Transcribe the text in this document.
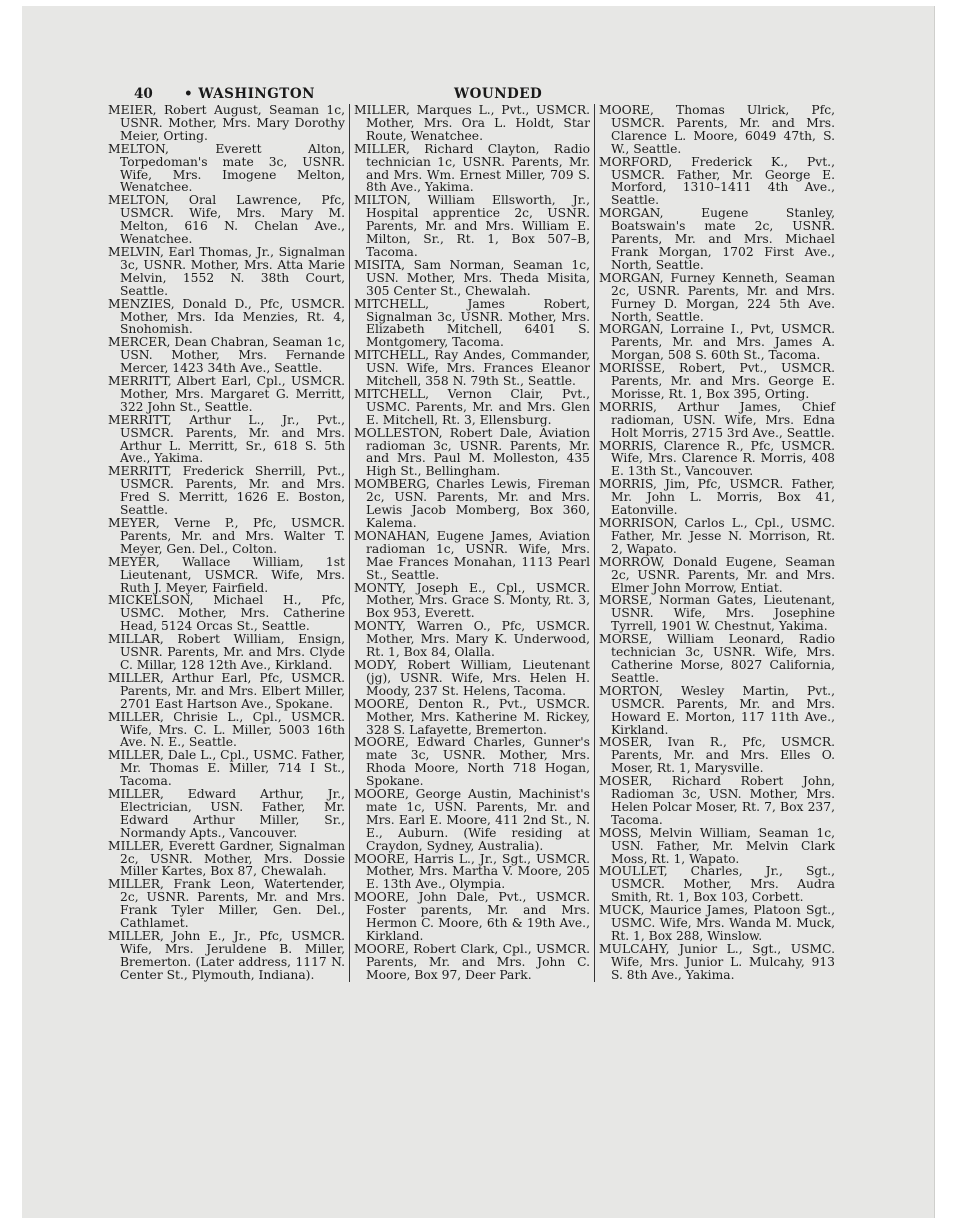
40 • WASHINGTON	WOUNDED

MEIER, Robert August, Seaman 1c, USNR. Mother, Mrs. Mary Dorothy Meier, Orting.

MELTON, Everett Alton, Torpedoman's mate 3c, USNR. Wife, Mrs. Imogene Melton, Wenatchee.

MELTON, Oral Lawrence, Pfc, USMCR. Wife, Mrs. Mary M. Melton, 616 N. Chelan Ave., Wenatchee.

MELVIN, Earl Thomas, Jr., Signalman 3c, USNR. Mother, Mrs. Atta Marie Melvin, 1552 N. 38th Court, Seattle.

MENZIES, Donald D., Pfc, USMCR. Mother, Mrs. Ida Menzies, Rt. 4, Snohomish.

MERCER, Dean Chabran, Seaman 1c, USN. Mother, Mrs. Fernande Mercer, 1423 34th Ave., Seattle.

MERRITT, Albert Earl, Cpl., USMCR. Mother, Mrs. Margaret G. Merritt, 322 John St., Seattle.

MERRITT, Arthur L., Jr., Pvt., USMCR. Parents, Mr. and Mrs. Arthur L. Merritt, Sr., 618 S. 5th Ave., Yakima.

MERRITT, Frederick Sherrill, Pvt., USMCR. Parents, Mr. and Mrs. Fred S. Merritt, 1626 E. Boston, Seattle.

MEYER, Verne P., Pfc, USMCR. Parents, Mr. and Mrs. Walter T. Meyer, Gen. Del., Colton.

MEYER, Wallace William, 1st Lieutenant, USMCR. Wife, Mrs. Ruth J. Meyer, Fairfield.

MICKELSON, Michael H., Pfc, USMC. Mother, Mrs. Catherine Head, 5124 Orcas St., Seattle.

MILLAR, Robert William, Ensign, USNR. Parents, Mr. and Mrs. Clyde C. Millar, 128 12th Ave., Kirkland.

MILLER, Arthur Earl, Pfc, USMCR. Parents, Mr. and Mrs. Elbert Miller, 2701 East Hartson Ave., Spokane.

MILLER, Chrisie L., Cpl., USMCR. Wife, Mrs. C. L. Miller, 5003 16th Ave. N. E., Seattle.

MILLER, Dale L., Cpl., USMC. Father, Mr. Thomas E. Miller, 714 I St., Tacoma.

MILLER, Edward Arthur, Jr., Electrician, USN. Father, Mr. Edward Arthur Miller, Sr., Normandy Apts., Vancouver.

MILLER, Everett Gardner, Signalman 2c, USNR. Mother, Mrs. Dossie Miller Kartes, Box 87, Chewalah.

MILLER, Frank Leon, Watertender, 2c, USNR. Parents, Mr. and Mrs. Frank Tyler Miller, Gen. Del., Cathlamet.

MILLER, John E., Jr., Pfc, USMCR. Wife, Mrs. Jeruldene B. Miller, Bremerton. (Later address, 1117 N. Center St., Plymouth, Indiana).

MILLER, Marques L., Pvt., USMCR. Mother, Mrs. Ora L. Holdt, Star Route, Wenatchee.

MILLER, Richard Clayton, Radio technician 1c, USNR. Parents, Mr. and Mrs. Wm. Ernest Miller, 709 S. 8th Ave., Yakima.

MILTON, William Ellsworth, Jr., Hospital apprentice 2c, USNR. Parents, Mr. and Mrs. William E. Milton, Sr., Rt. 1, Box 507–B, Tacoma.

MISITA, Sam Norman, Seaman 1c, USN. Mother, Mrs. Theda Misita, 305 Center St., Chewalah.

MITCHELL, James Robert, Signalman 3c, USNR. Mother, Mrs. Elizabeth Mitchell, 6401 S. Montgomery, Tacoma.

MITCHELL, Ray Andes, Commander, USN. Wife, Mrs. Frances Eleanor Mitchell, 358 N. 79th St., Seattle.

MITCHELL, Vernon Clair, Pvt., USMC. Parents, Mr. and Mrs. Glen E. Mitchell, Rt. 3, Ellensburg.

MOLLESTON, Robert Dale, Aviation radioman 3c, USNR. Parents, Mr. and Mrs. Paul M. Molleston, 435 High St., Bellingham.

MOMBERG, Charles Lewis, Fireman 2c, USN. Parents, Mr. and Mrs. Lewis Jacob Momberg, Box 360, Kalema.

MONAHAN, Eugene James, Aviation radioman 1c, USNR. Wife, Mrs. Mae Frances Monahan, 1113 Pearl St., Seattle.

MONTY, Joseph E., Cpl., USMCR. Mother, Mrs. Grace S. Monty, Rt. 3, Box 953, Everett.

MONTY, Warren O., Pfc, USMCR. Mother, Mrs. Mary K. Underwood, Rt. 1, Box 84, Olalla.

MODY, Robert William, Lieutenant (jg), USNR. Wife, Mrs. Helen H. Moody, 237 St. Helens, Tacoma.

MOORE, Denton R., Pvt., USMCR. Mother, Mrs. Katherine M. Rickey, 328 S. Lafayette, Bremerton.

MOORE, Edward Charles, Gunner's mate 3c, USNR. Mother, Mrs. Rhoda Moore, North 718 Hogan, Spokane.

MOORE, George Austin, Machinist's mate 1c, USN. Parents, Mr. and Mrs. Earl E. Moore, 411 2nd St., N. E., Auburn. (Wife residing at Craydon, Sydney, Australia).

MOORE, Harris L., Jr., Sgt., USMCR. Mother, Mrs. Martha V. Moore, 205 E. 13th Ave., Olympia.

MOORE, John Dale, Pvt., USMCR. Foster parents, Mr. and Mrs. Hermon C. Moore, 6th & 19th Ave., Kirkland.

MOORE, Robert Clark, Cpl., USMCR. Parents, Mr. and Mrs. John C. Moore, Box 97, Deer Park.

MOORE, Thomas Ulrick, Pfc, USMCR. Parents, Mr. and Mrs. Clarence L. Moore, 6049 47th, S. W., Seattle.

MORFORD, Frederick K., Pvt., USMCR. Father, Mr. George E. Morford, 1310–1411 4th Ave., Seattle.

MORGAN, Eugene Stanley, Boatswain's mate 2c, USNR. Parents, Mr. and Mrs. Michael Frank Morgan, 1702 First Ave., North, Seattle.

MORGAN, Furney Kenneth, Seaman 2c, USNR. Parents, Mr. and Mrs. Furney D. Morgan, 224 5th Ave. North, Seattle.

MORGAN, Lorraine I., Pvt, USMCR. Parents, Mr. and Mrs. James A. Morgan, 508 S. 60th St., Tacoma.

MORISSE, Robert, Pvt., USMCR. Parents, Mr. and Mrs. George E. Morisse, Rt. 1, Box 395, Orting.

MORRIS, Arthur James, Chief radioman, USN. Wife, Mrs. Edna Holt Morris, 2715 3rd Ave., Seattle.

MORRIS, Clarence R., Pfc, USMCR. Wife, Mrs. Clarence R. Morris, 408 E. 13th St., Vancouver.

MORRIS, Jim, Pfc, USMCR. Father, Mr. John L. Morris, Box 41, Eatonville.

MORRISON, Carlos L., Cpl., USMC. Father, Mr. Jesse N. Morrison, Rt. 2, Wapato.

MORROW, Donald Eugene, Seaman 2c, USNR. Parents, Mr. and Mrs. Elmer John Morrow, Entiat.

MORSE, Norman Gates, Lieutenant, USNR. Wife, Mrs. Josephine Tyrrell, 1901 W. Chestnut, Yakima.

MORSE, William Leonard, Radio technician 3c, USNR. Wife, Mrs. Catherine Morse, 8027 California, Seattle.

MORTON, Wesley Martin, Pvt., USMCR. Parents, Mr. and Mrs. Howard E. Morton, 117 11th Ave., Kirkland.

MOSER, Ivan R., Pfc, USMCR. Parents, Mr. and Mrs. Elles O. Moser, Rt. 1, Marysville.

MOSER, Richard Robert John, Radioman 3c, USN. Mother, Mrs. Helen Polcar Moser, Rt. 7, Box 237, Tacoma.

MOSS, Melvin William, Seaman 1c, USN. Father, Mr. Melvin Clark Moss, Rt. 1, Wapato.

MOULLET, Charles, Jr., Sgt., USMCR. Mother, Mrs. Audra Smith, Rt. 1, Box 103, Corbett.

MUCK, Maurice James, Platoon Sgt., USMC. Wife, Mrs. Wanda M. Muck, Rt. 1, Box 288, Winslow.

MULCAHY, Junior L., Sgt., USMC. Wife, Mrs. Junior L. Mulcahy, 913 S. 8th Ave., Yakima.
